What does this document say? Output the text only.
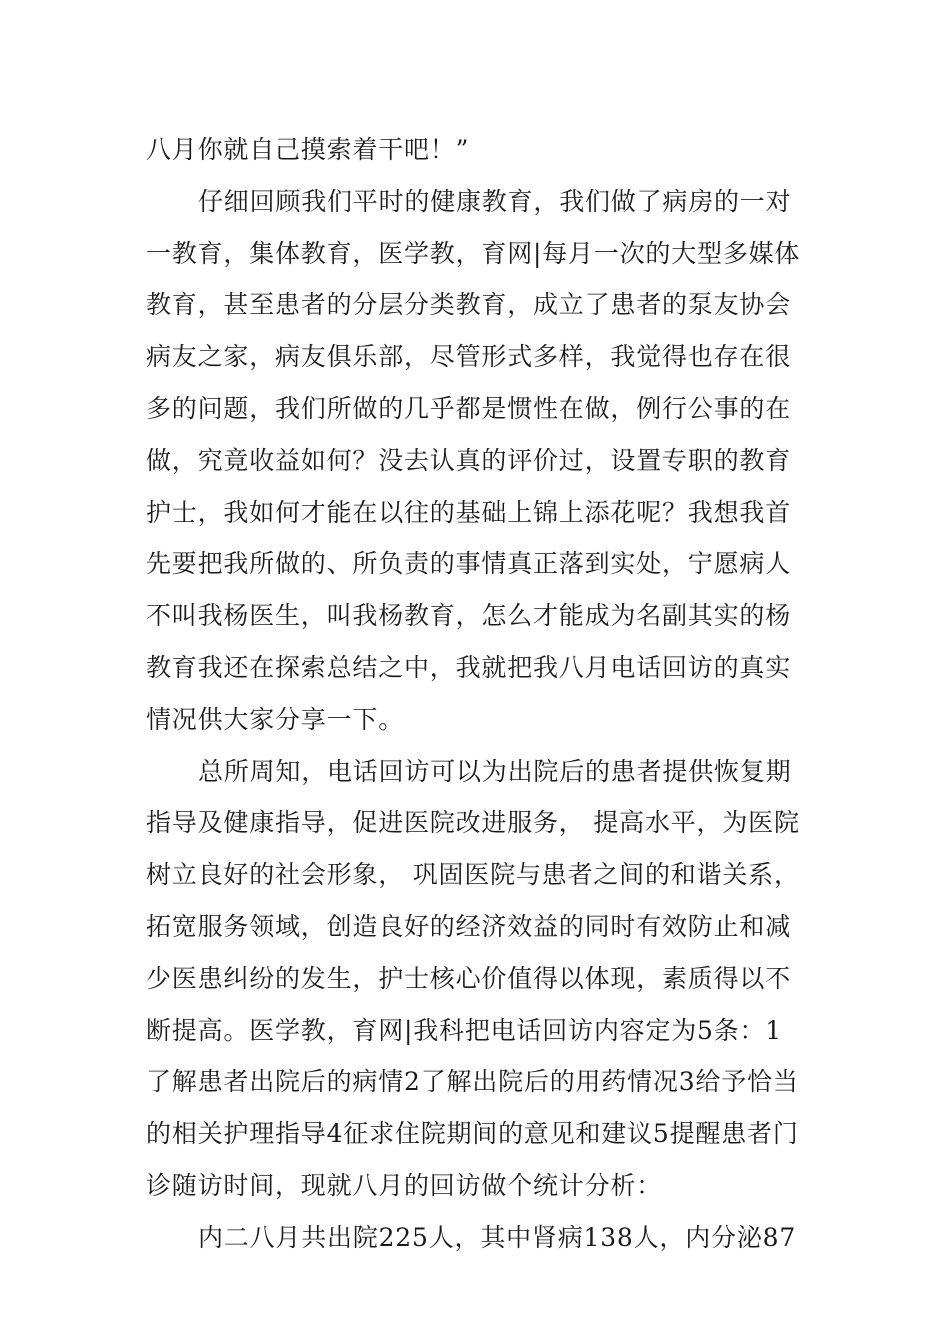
八月你就自己摸索着干吧！”
仔细回顾我们平时的健康教育，我们做了病房的一对
一教育，集体教育，医学教，育网|每月一次的大型多媒体
教育，甚至患者的分层分类教育，成立了患者的泵友协会
病友之家，病友俱乐部，尽管形式多样，我觉得也存在很
多的问题，我们所做的几乎都是惯性在做，例行公事的在
做，究竟收益如何？没去认真的评价过，设置专职的教育
护士，我如何才能在以往的基础上锦上添花呢？我想我首
先要把我所做的、所负责的事情真正落到实处，宁愿病人
不叫我杨医生，叫我杨教育，怎么才能成为名副其实的杨
教育我还在探索总结之中，我就把我八月电话回访的真实
情况供大家分享一下。
总所周知，电话回访可以为出院后的患者提供恢复期
指导及健康指导，促进医院改进服务， 提高水平，为医院
树立良好的社会形象， 巩固医院与患者之间的和谐关系，
拓宽服务领域，创造良好的经济效益的同时有效防止和减
少医患纠纷的发生，护士核心价值得以体现，素质得以不
断提高。医学教，育网|我科把电话回访内容定为5条：1
了解患者出院后的病情2了解出院后的用药情况3给予恰当
的相关护理指导4征求住院期间的意见和建议5提醒患者门
诊随访时间，现就八月的回访做个统计分析：
内二八月共出院225人，其中肾病138人，内分泌87
